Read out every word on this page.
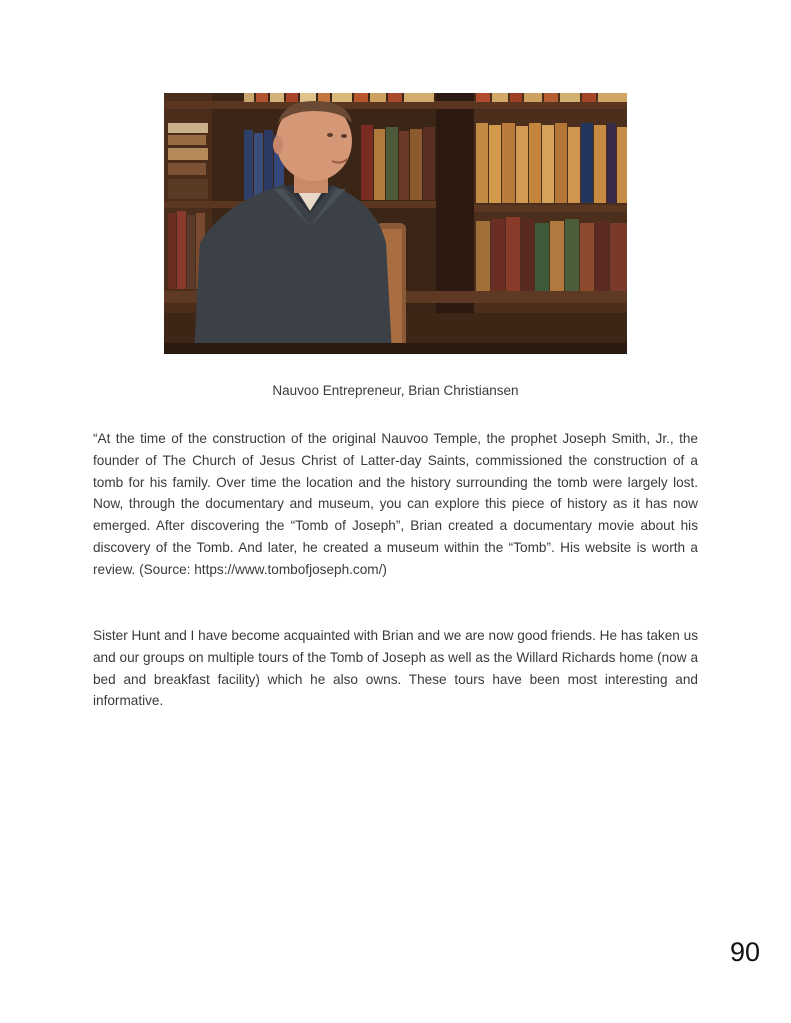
Nauvoo Entrepreneur, Brian Christiansen

“At the time of the construction of the original Nauvoo Temple, the prophet Joseph Smith, Jr., the founder of The Church of Jesus Christ of Latter-day Saints, commissioned the construction of a tomb for his family. Over time the location and the history surrounding the tomb were largely lost. Now, through the documentary and museum, you can explore this piece of history as it has now emerged. After discovering the “Tomb of Joseph”, Brian created a documentary movie about his discovery of the Tomb. And later, he created a museum within the “Tomb”. His website is worth a review. (Source: https://www.tombofjoseph.com/)

Sister Hunt and I have become acquainted with Brian and we are now good friends. He has taken us and our groups on multiple tours of the Tomb of Joseph as well as the Willard Richards home (now a bed and breakfast facility) which he also owns. These tours have been most interesting and informative.

90
